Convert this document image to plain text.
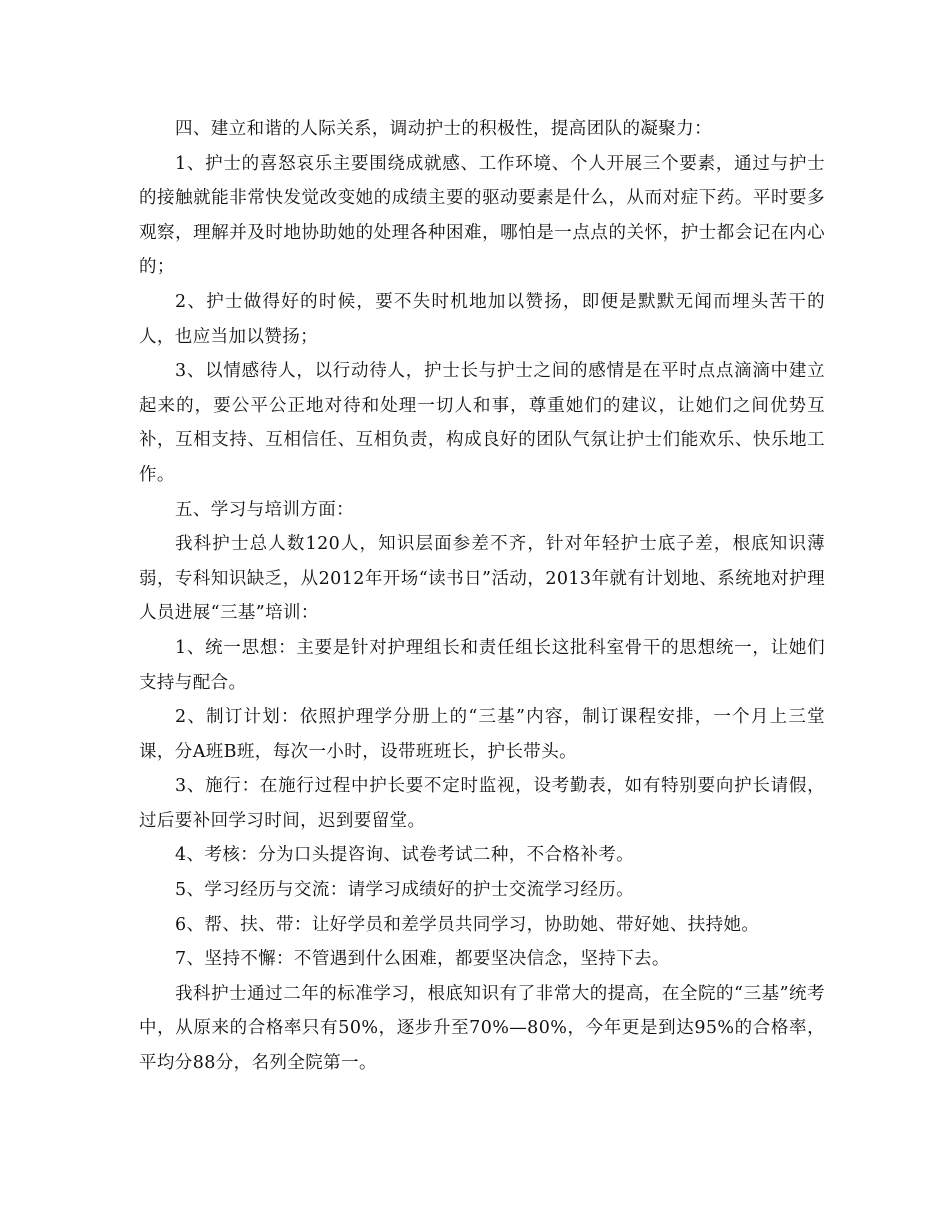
四、建立和谐的人际关系，调动护士的积极性，提高团队的凝聚力：

1、护士的喜怒哀乐主要围绕成就感、工作环境、个人开展三个要素，通过与护士的接触就能非常快发觉改变她的成绩主要的驱动要素是什么，从而对症下药。平时要多观察，理解并及时地协助她的处理各种困难，哪怕是一点点的关怀，护士都会记在内心的；

2、护士做得好的时候，要不失时机地加以赞扬，即便是默默无闻而埋头苦干的人，也应当加以赞扬；

3、以情感待人，以行动待人，护士长与护士之间的感情是在平时点点滴滴中建立起来的，要公平公正地对待和处理一切人和事，尊重她们的建议，让她们之间优势互补，互相支持、互相信任、互相负责，构成良好的团队气氛让护士们能欢乐、快乐地工作。

五、学习与培训方面：

我科护士总人数120人，知识层面参差不齐，针对年轻护士底子差，根底知识薄弱，专科知识缺乏，从2012年开场“读书日”活动，2013年就有计划地、系统地对护理人员进展“三基”培训：

1、统一思想：主要是针对护理组长和责任组长这批科室骨干的思想统一，让她们支持与配合。

2、制订计划：依照护理学分册上的“三基”内容，制订课程安排，一个月上三堂课，分A班B班，每次一小时，设带班班长，护长带头。

3、施行：在施行过程中护长要不定时监视，设考勤表，如有特别要向护长请假，过后要补回学习时间，迟到要留堂。

4、考核：分为口头提咨询、试卷考试二种，不合格补考。

5、学习经历与交流：请学习成绩好的护士交流学习经历。

6、帮、扶、带：让好学员和差学员共同学习，协助她、带好她、扶持她。

7、坚持不懈：不管遇到什么困难，都要坚决信念，坚持下去。

我科护士通过二年的标准学习，根底知识有了非常大的提高，在全院的“三基”统考中，从原来的合格率只有50%，逐步升至70%—80%，今年更是到达95%的合格率，平均分88分，名列全院第一。
